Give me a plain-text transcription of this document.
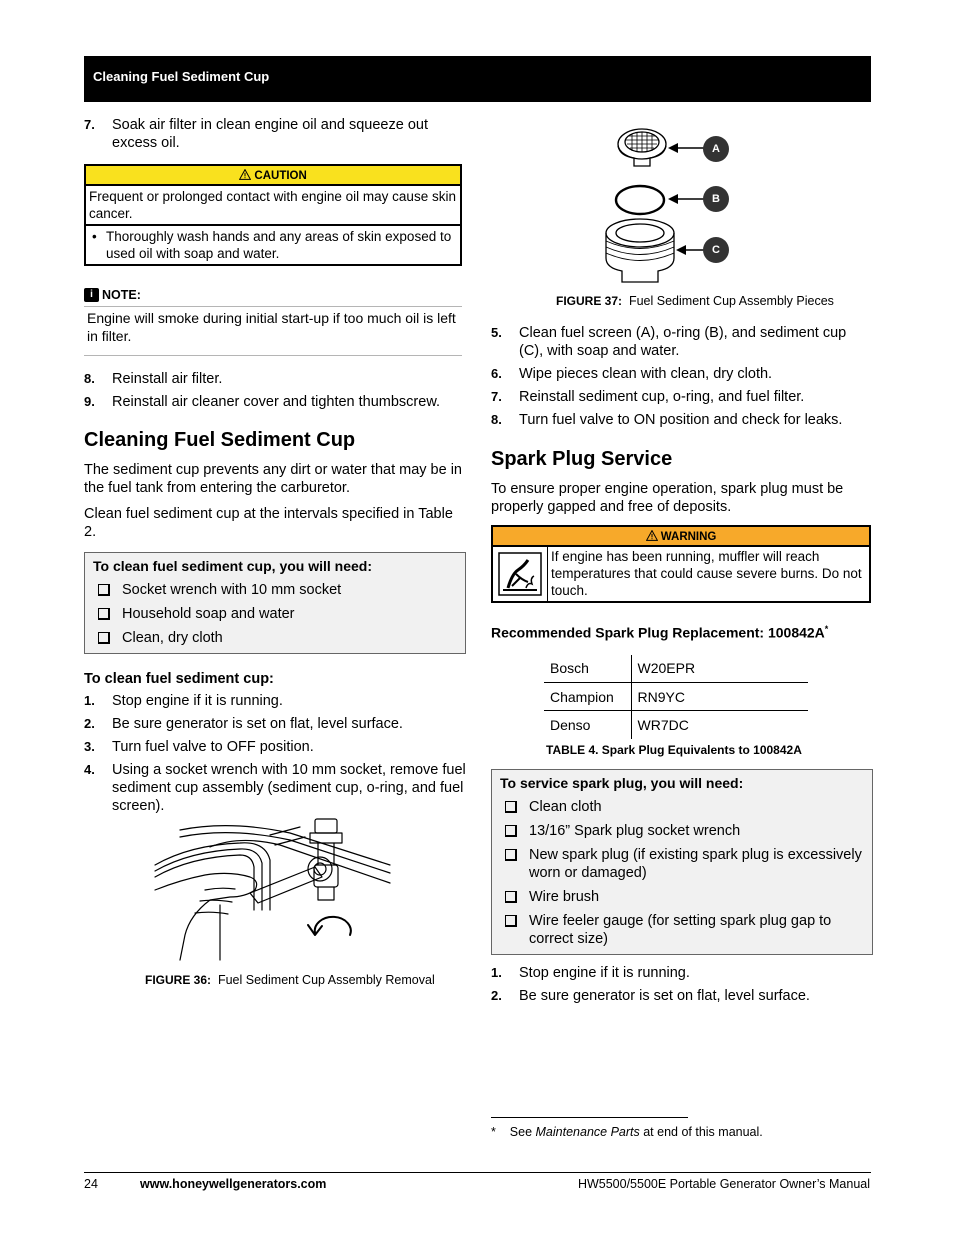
Cleaning Fuel Sediment Cup
7. Soak air filter in clean engine oil and squeeze out excess oil.
CAUTION
Frequent or prolonged contact with engine oil may cause skin cancer.
• Thoroughly wash hands and any areas of skin exposed to used oil with soap and water.
i NOTE:
Engine will smoke during initial start-up if too much oil is left in filter.
8. Reinstall air filter.
9. Reinstall air cleaner cover and tighten thumbscrew.
Cleaning Fuel Sediment Cup
The sediment cup prevents any dirt or water that may be in the fuel tank from entering the carburetor.
Clean fuel sediment cup at the intervals specified in Table 2.
To clean fuel sediment cup, you will need:
Socket wrench with 10 mm socket
Household soap and water
Clean, dry cloth
To clean fuel sediment cup:
1. Stop engine if it is running.
2. Be sure generator is set on flat, level surface.
3. Turn fuel valve to OFF position.
4. Using a socket wrench with 10 mm socket, remove fuel sediment cup assembly (sediment cup, o-ring, and fuel screen).
FIGURE 36: Fuel Sediment Cup Assembly Removal
A
B
C
FIGURE 37: Fuel Sediment Cup Assembly Pieces
5. Clean fuel screen (A), o-ring (B), and sediment cup (C), with soap and water.
6. Wipe pieces clean with clean, dry cloth.
7. Reinstall sediment cup, o-ring, and fuel filter.
8. Turn fuel valve to ON position and check for leaks.
Spark Plug Service
To ensure proper engine operation, spark plug must be properly gapped and free of deposits.
WARNING
If engine has been running, muffler will reach temperatures that could cause severe burns. Do not touch.
Recommended Spark Plug Replacement: 100842A*
Bosch	W20EPR
Champion	RN9YC
Denso	WR7DC
TABLE 4. Spark Plug Equivalents to 100842A
To service spark plug, you will need:
Clean cloth
13/16” Spark plug socket wrench
New spark plug (if existing spark plug is excessively worn or damaged)
Wire brush
Wire feeler gauge (for setting spark plug gap to correct size)
1. Stop engine if it is running.
2. Be sure generator is set on flat, level surface.
* See Maintenance Parts at end of this manual.
24	www.honeywellgenerators.com	HW5500/5500E Portable Generator Owner’s Manual
